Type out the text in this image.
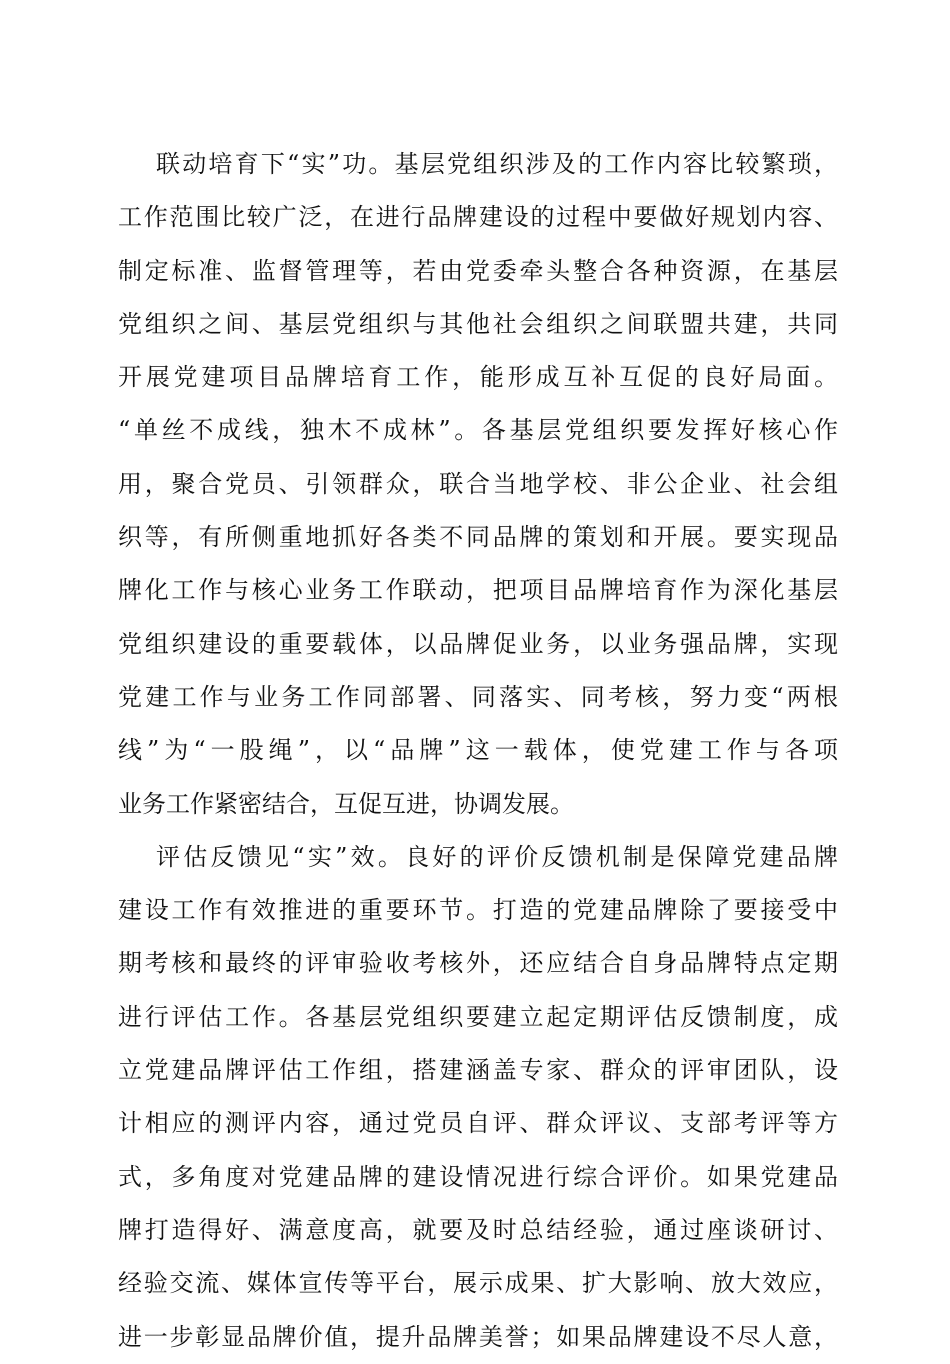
联动培育下“实”功。基层党组织涉及的工作内容比较繁琐，
工作范围比较广泛，在进行品牌建设的过程中要做好规划内容、
制定标准、监督管理等，若由党委牵头整合各种资源，在基层
党组织之间、基层党组织与其他社会组织之间联盟共建，共同
开展党建项目品牌培育工作，能形成互补互促的良好局面。
“单丝不成线，独木不成林”。各基层党组织要发挥好核心作
用，聚合党员、引领群众，联合当地学校、非公企业、社会组
织等，有所侧重地抓好各类不同品牌的策划和开展。要实现品
牌化工作与核心业务工作联动，把项目品牌培育作为深化基层
党组织建设的重要载体，以品牌促业务，以业务强品牌，实现
党建工作与业务工作同部署、同落实、同考核，努力变“两根
线”为“一股绳”，以“品牌”这一载体，使党建工作与各项
业务工作紧密结合，互促互进，协调发展。
评估反馈见“实”效。良好的评价反馈机制是保障党建品牌
建设工作有效推进的重要环节。打造的党建品牌除了要接受中
期考核和最终的评审验收考核外，还应结合自身品牌特点定期
进行评估工作。各基层党组织要建立起定期评估反馈制度，成
立党建品牌评估工作组，搭建涵盖专家、群众的评审团队，设
计相应的测评内容，通过党员自评、群众评议、支部考评等方
式，多角度对党建品牌的建设情况进行综合评价。如果党建品
牌打造得好、满意度高，就要及时总结经验，通过座谈研讨、
经验交流、媒体宣传等平台，展示成果、扩大影响、放大效应，
进一步彰显品牌价值，提升品牌美誉；如果品牌建设不尽人意，
